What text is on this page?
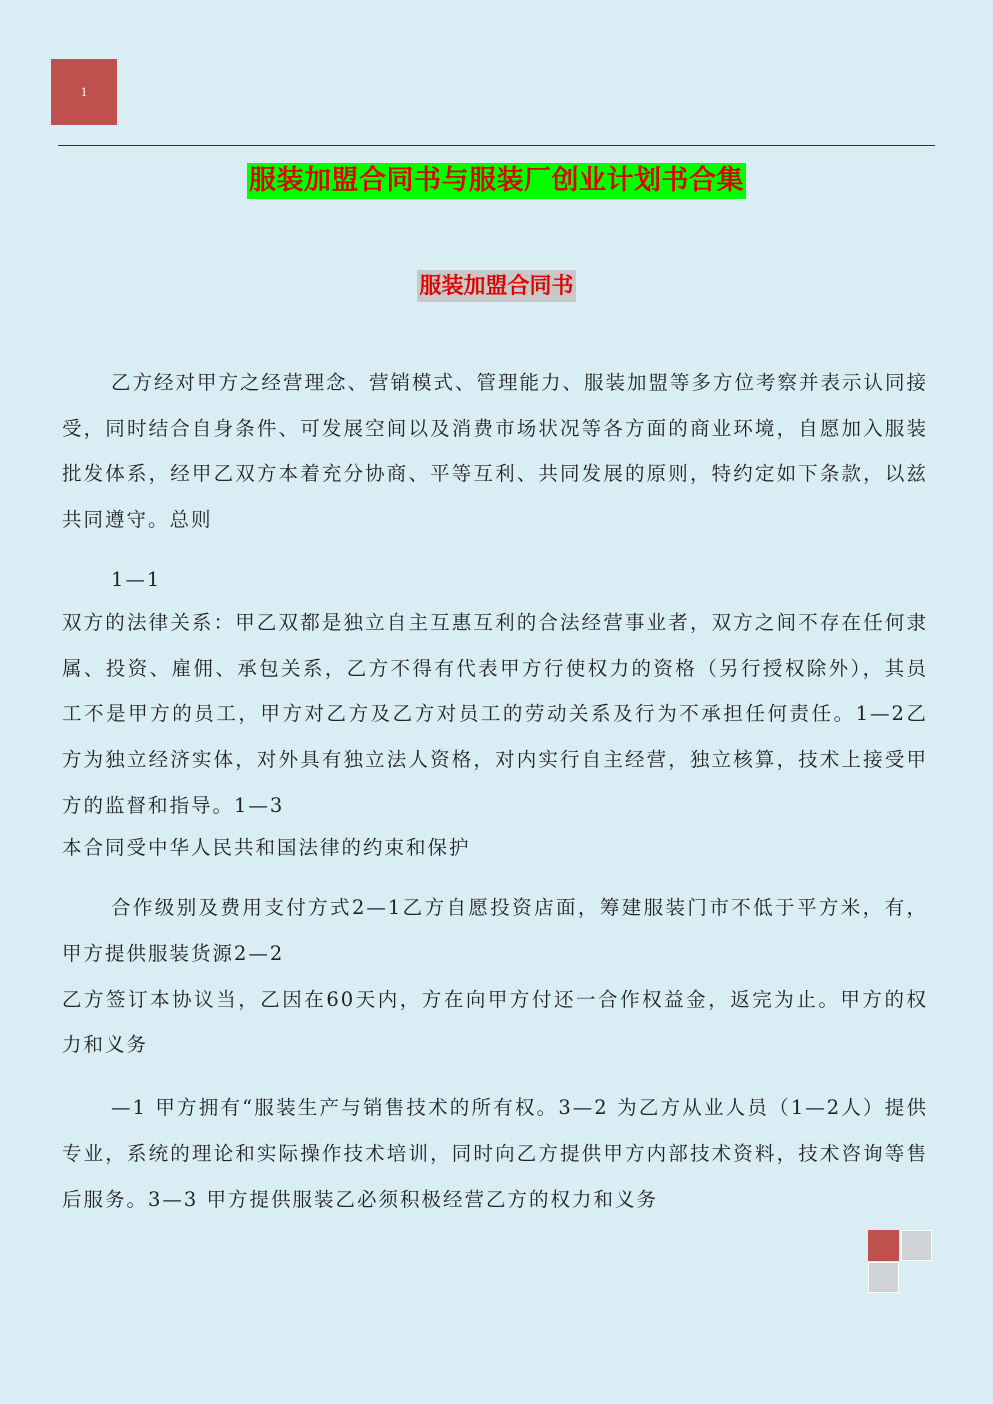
1
服装加盟合同书与服装厂创业计划书合集
服装加盟合同书

乙方经对甲方之经营理念、营销模式、管理能力、服装加盟等多方位考察并表示认同接受，同时结合自身条件、可发展空间以及消费市场状况等各方面的商业环境，自愿加入服装批发体系，经甲乙双方本着充分协商、平等互利、共同发展的原则，特约定如下条款，以兹共同遵守。总则

1—1

双方的法律关系：甲乙双都是独立自主互惠互利的合法经营事业者，双方之间不存在任何隶属、投资、雇佣、承包关系，乙方不得有代表甲方行使权力的资格（另行授权除外），其员工不是甲方的员工，甲方对乙方及乙方对员工的劳动关系及行为不承担任何责任。1—2乙方为独立经济实体，对外具有独立法人资格，对内实行自主经营，独立核算，技术上接受甲方的监督和指导。1—3

本合同受中华人民共和国法律的约束和保护

合作级别及费用支付方式2—1乙方自愿投资店面，筹建服装门市不低于平方米，有，甲方提供服装货源2—2

乙方签订本协议当，乙因在60天内，方在向甲方付还一合作权益金，返完为止。甲方的权力和义务

—1 甲方拥有“服装生产与销售技术的所有权。3—2 为乙方从业人员（1—2人）提供专业，系统的理论和实际操作技术培训，同时向乙方提供甲方内部技术资料，技术咨询等售后服务。3—3 甲方提供服装乙必须积极经营乙方的权力和义务
